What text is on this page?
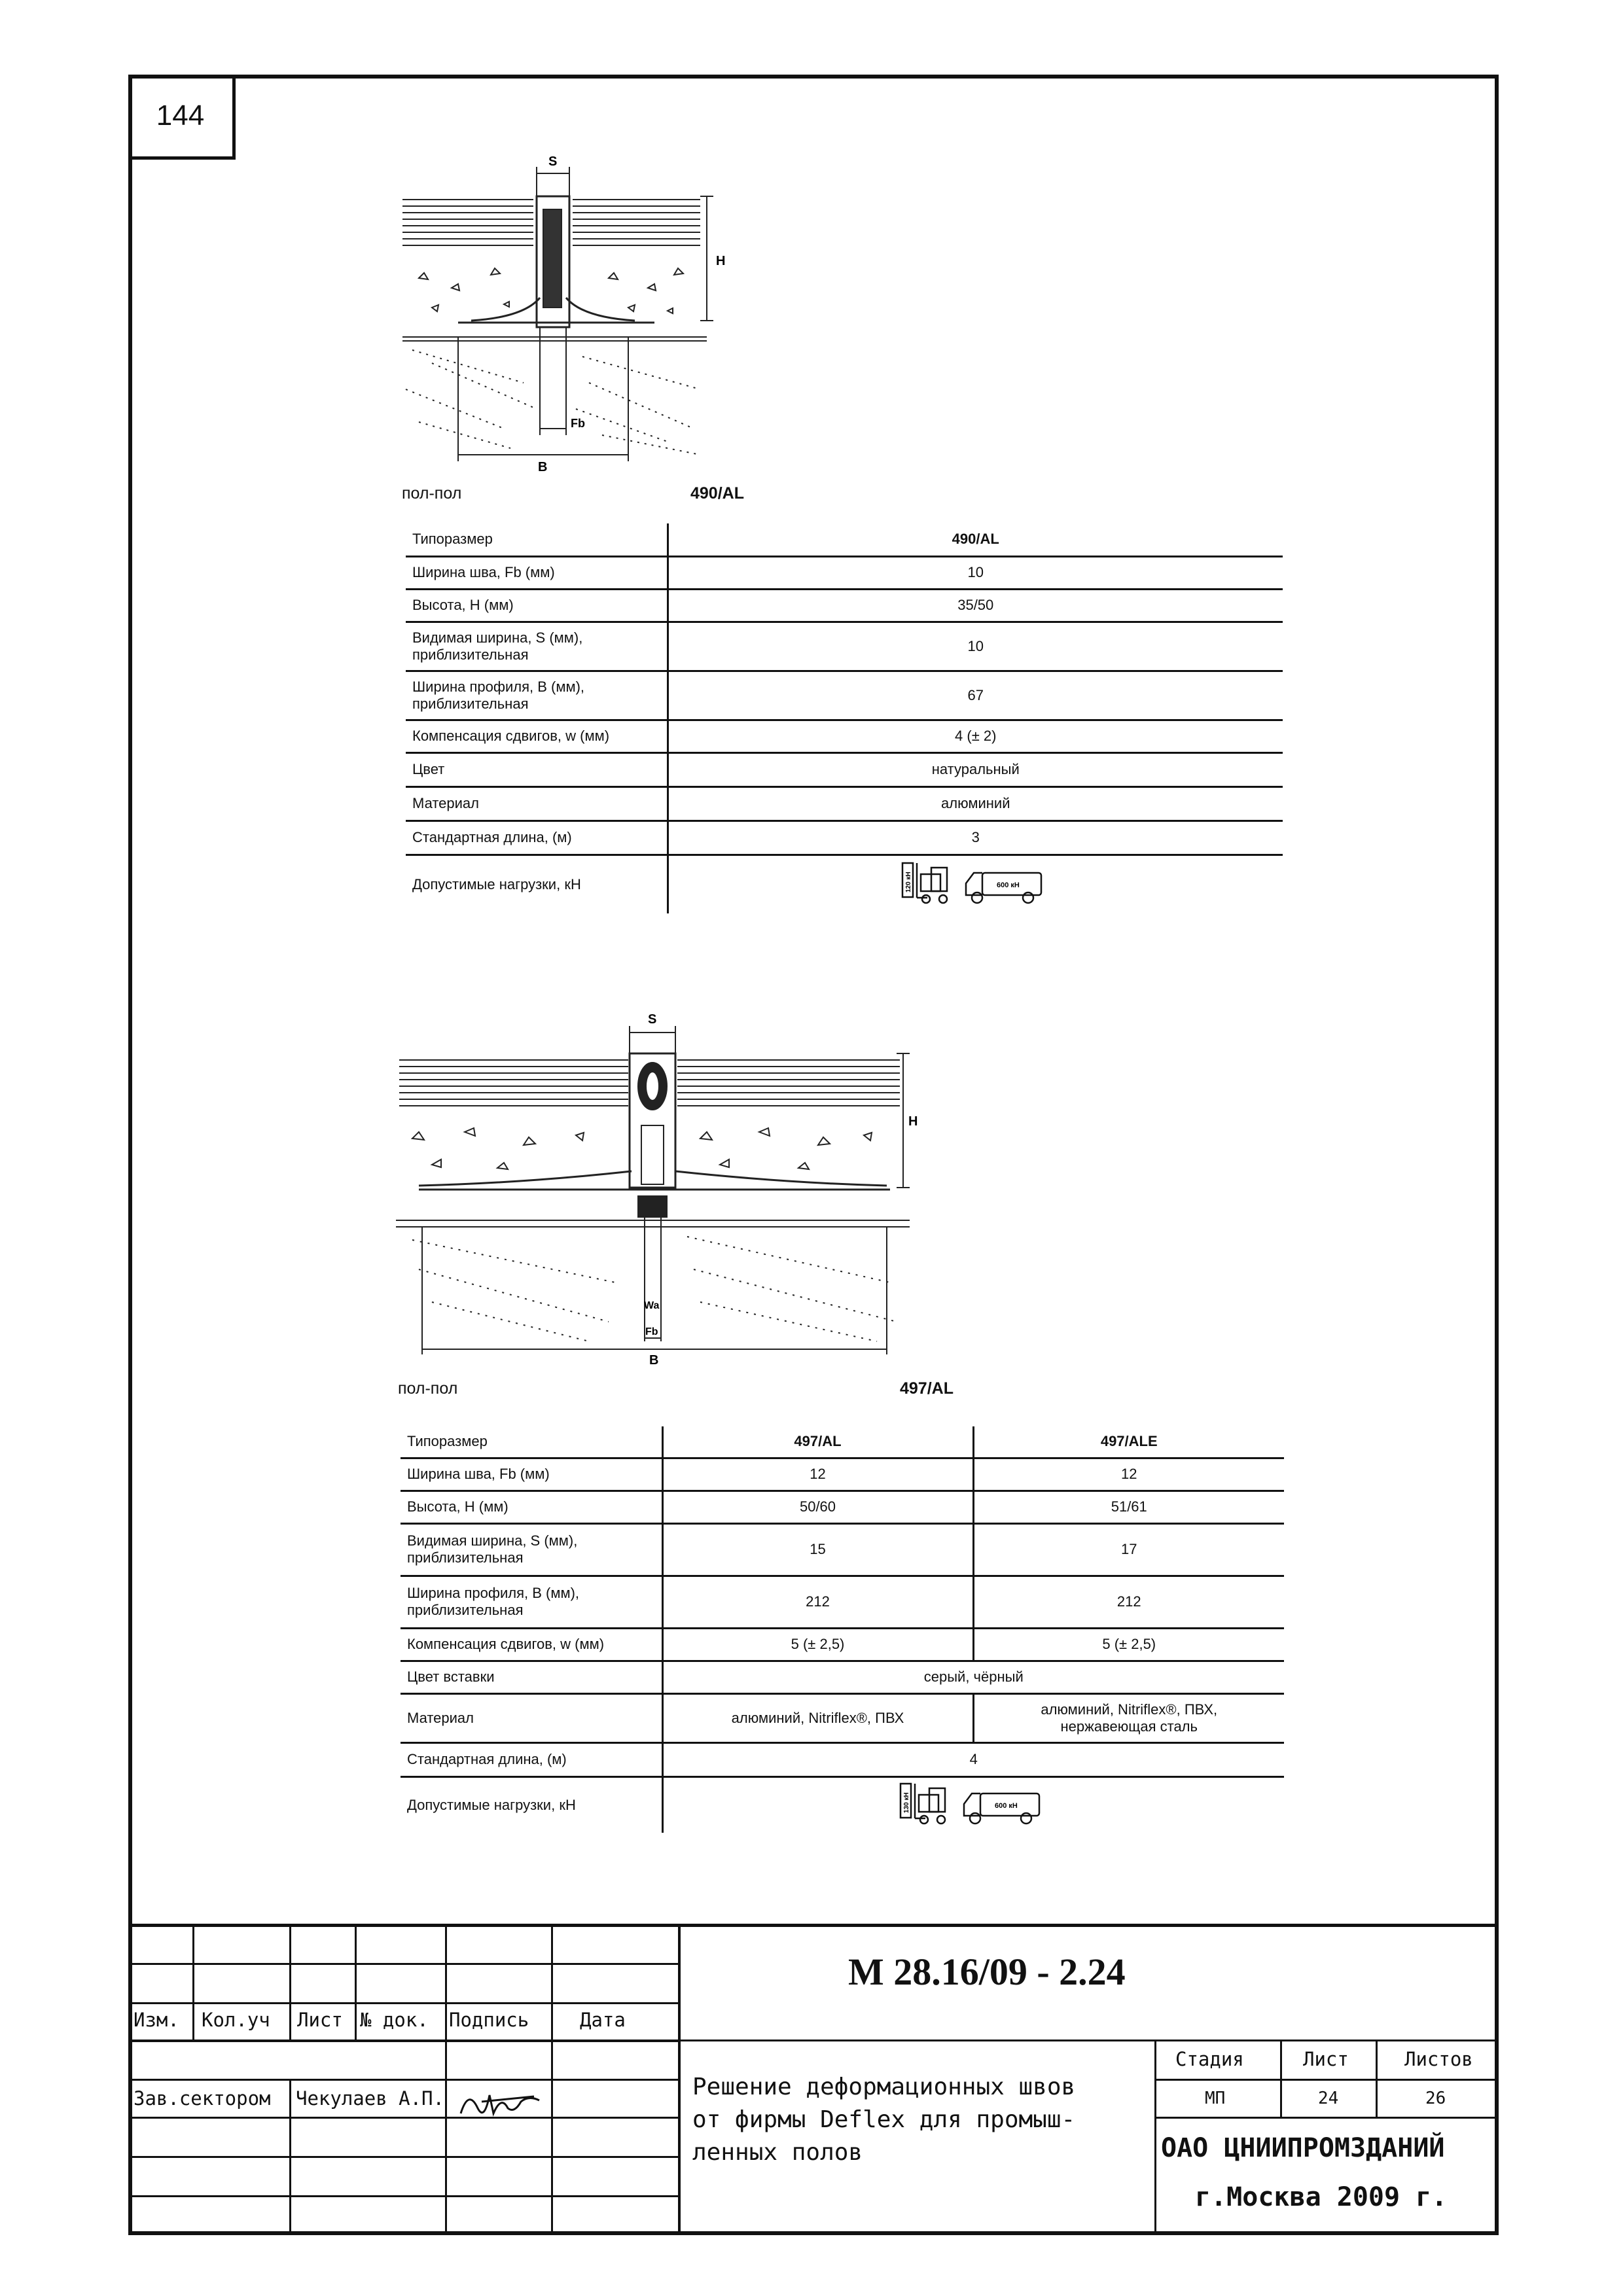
144
S
H
Fb
B
пол-пол	490/AL
Типоразмер	490/AL
Ширина шва, Fb (мм)	10
Высота, H (мм)	35/50
Видимая ширина, S (мм), приблизительная	10
Ширина профиля, B (мм), приблизительная	67
Компенсация сдвигов, w (мм)	4 (± 2)
Цвет	натуральный
Материал	алюминий
Стандартная длина, (м)	3
Допустимые нагрузки, кН	120 кН 600 кН
S
H
Wa
Fb
B
пол-пол	497/AL
Типоразмер	497/AL	497/ALE
Ширина шва, Fb (мм)	12	12
Высота, H (мм)	50/60	51/61
Видимая ширина, S (мм), приблизительная	15	17
Ширина профиля, B (мм), приблизительная	212	212
Компенсация сдвигов, w (мм)	5 (± 2,5)	5 (± 2,5)
Цвет вставки	серый, чёрный	
Материал	алюминий, Nitriflex®, ПВХ	алюминий, Nitriflex®, ПВХ, нержавеющая сталь
Стандартная длина, (м)	4	
Допустимые нагрузки, кН	130 кН 600 кН	
Изм. Кол.уч Лист № док. Подпись	Дата
Зав.сектором Чекулаев А.П.
М 28.16/09 - 2.24
Решение деформационных швов
от фирмы Deflex для промыш-
ленных полов
Стадия	Лист	Листов
МП	24	26
ОАО ЦНИИПРОМЗДАНИЙ
г.Москва 2009 г.
